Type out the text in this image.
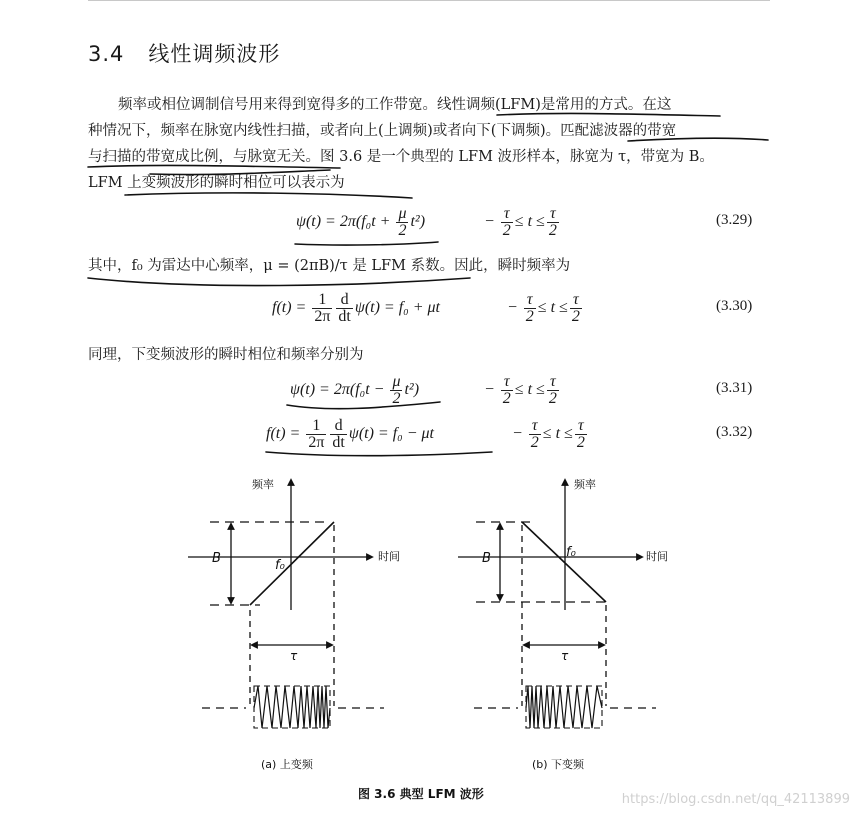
3.4 线性调频波形
频率或相位调制信号用来得到宽得多的工作带宽。线性调频(LFM)是常用的方式。在这
种情况下，频率在脉宽内线性扫描，或者向上(上调频)或者向下(下调频)。匹配滤波器的带宽
与扫描的带宽成比例，与脉宽无关。图 3.6 是一个典型的 LFM 波形样本，脉宽为 τ，带宽为 B。
LFM 上变频波形的瞬时相位可以表示为
$\psi(t) = 2\pi(f_0t + \frac{\mu}{2} t^2)$	− $\frac{\tau}{2} \le t \le \frac{\tau}{2}$	(3.29)
其中，f₀ 为雷达中心频率，μ = (2πB)/τ 是 LFM 系数。因此，瞬时频率为
$f(t) = \frac{1}{2\pi} \frac{d}{dt} \psi(t) = f_0 + \mu t$	− $\frac{\tau}{2} \le t \le \frac{\tau}{2}$	(3.30)
同理，下变频波形的瞬时相位和频率分别为
$\psi(t) = 2\pi(f_0t - \frac{\mu}{2} t^2)$	− $\frac{\tau}{2} \le t \le \frac{\tau}{2}$	(3.31)
$f(t) = \frac{1}{2\pi} \frac{d}{dt} \psi(t) = f_0 - \mu t$	− $\frac{\tau}{2} \le t \le \frac{\tau}{2}$	(3.32)
频率
时间
B	f₀
τ
(a) 上变频
频率
时间
B	f₀
τ
(b) 下变频
图 3.6 典型 LFM 波形	https://blog.csdn.net/qq_42113899
